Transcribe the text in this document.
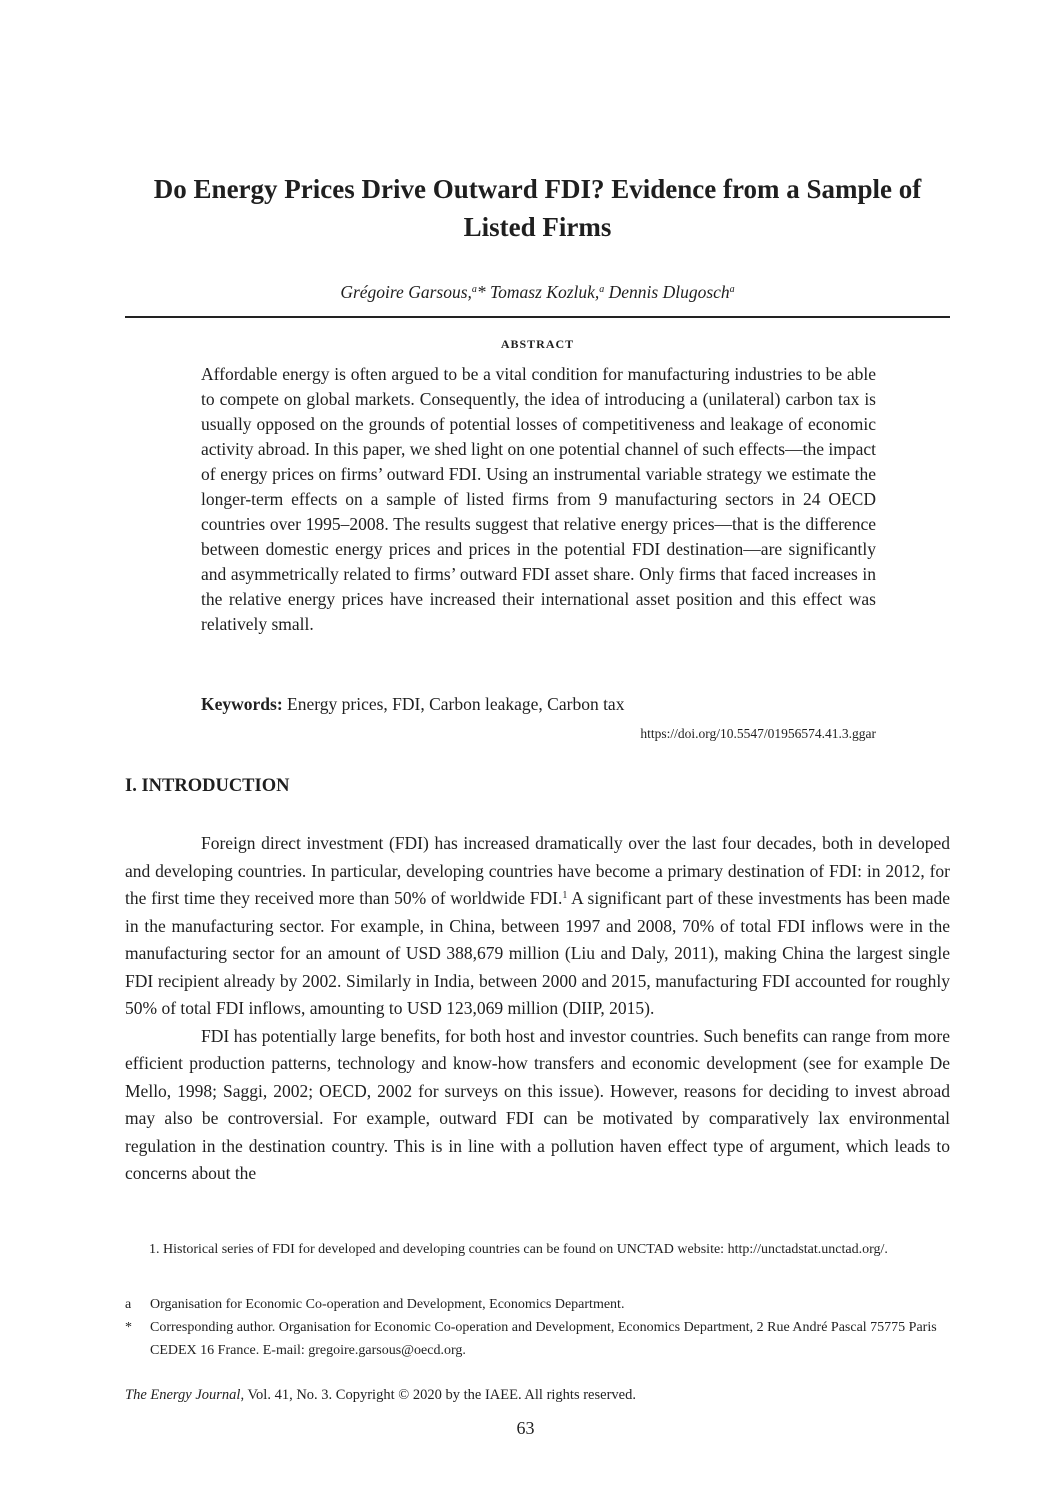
Do Energy Prices Drive Outward FDI? Evidence from a Sample of Listed Firms

Grégoire Garsous,$^a$* Tomasz Kozluk,$^a$ Dennis Dlugosch$^a$

ABSTRACT

Affordable energy is often argued to be a vital condition for manufacturing industries to be able to compete on global markets. Consequently, the idea of introducing a (unilateral) carbon tax is usually opposed on the grounds of potential losses of competitiveness and leakage of economic activity abroad. In this paper, we shed light on one potential channel of such effects—the impact of energy prices on firms’ outward FDI. Using an instrumental variable strategy we estimate the longer-term effects on a sample of listed firms from 9 manufacturing sectors in 24 OECD countries over 1995–2008. The results suggest that relative energy prices—that is the difference between domestic energy prices and prices in the potential FDI destination—are significantly and asymmetrically related to firms’ outward FDI asset share. Only firms that faced increases in the relative energy prices have increased their international asset position and this effect was relatively small.

Keywords: Energy prices, FDI, Carbon leakage, Carbon tax

https://doi.org/10.5547/01956574.41.3.ggar

I. INTRODUCTION

Foreign direct investment (FDI) has increased dramatically over the last four decades, both in developed and developing countries. In particular, developing countries have become a primary destination of FDI: in 2012, for the first time they received more than 50% of worldwide FDI.$^1$ A significant part of these investments has been made in the manufacturing sector. For example, in China, between 1997 and 2008, 70% of total FDI inflows were in the manufacturing sector for an amount of USD 388,679 million (Liu and Daly, 2011), making China the largest single FDI recipient already by 2002. Similarly in India, between 2000 and 2015, manufacturing FDI accounted for roughly 50% of total FDI inflows, amounting to USD 123,069 million (DIIP, 2015).

FDI has potentially large benefits, for both host and investor countries. Such benefits can range from more efficient production patterns, technology and know-how transfers and economic development (see for example De Mello, 1998; Saggi, 2002; OECD, 2002 for surveys on this issue). However, reasons for deciding to invest abroad may also be controversial. For example, outward FDI can be motivated by comparatively lax environmental regulation in the destination country. This is in line with a pollution haven effect type of argument, which leads to concerns about the

1. Historical series of FDI for developed and developing countries can be found on UNCTAD website: http://unctadstat.unctad.org/.

a	Organisation for Economic Co-operation and Development, Economics Department.

*	Corresponding author. Organisation for Economic Co-operation and Development, Economics Department, 2 Rue André Pascal 75775 Paris CEDEX 16 France. E-mail: gregoire.garsous@oecd.org.

The Energy Journal, Vol. 41, No. 3. Copyright © 2020 by the IAEE. All rights reserved.

63
